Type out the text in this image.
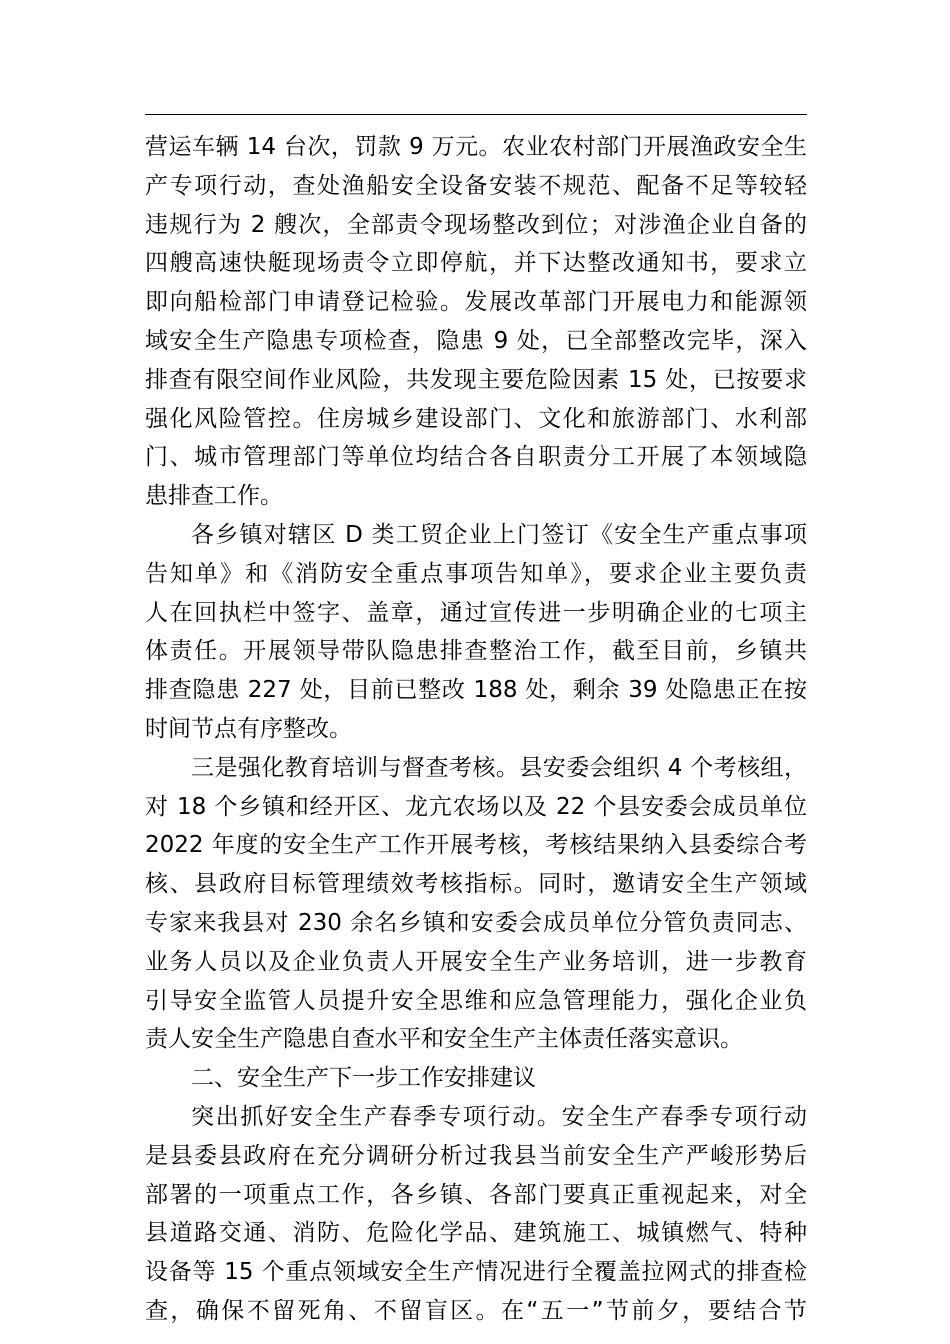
营运车辆 14 台次，罚款 9 万元。农业农村部门开展渔政安全生
产专项行动，查处渔船安全设备安装不规范、配备不足等较轻
违规行为 2 艘次，全部责令现场整改到位；对涉渔企业自备的
四艘高速快艇现场责令立即停航，并下达整改通知书，要求立
即向船检部门申请登记检验。发展改革部门开展电力和能源领
域安全生产隐患专项检查，隐患 9 处，已全部整改完毕，深入
排查有限空间作业风险，共发现主要危险因素 15 处，已按要求
强化风险管控。住房城乡建设部门、文化和旅游部门、水利部
门、城市管理部门等单位均结合各自职责分工开展了本领域隐
患排查工作。
各乡镇对辖区 D 类工贸企业上门签订《安全生产重点事项
告知单》和《消防安全重点事项告知单》，要求企业主要负责
人在回执栏中签字、盖章，通过宣传进一步明确企业的七项主
体责任。开展领导带队隐患排查整治工作，截至目前，乡镇共
排查隐患 227 处，目前已整改 188 处，剩余 39 处隐患正在按
时间节点有序整改。
三是强化教育培训与督查考核。县安委会组织 4 个考核组，
对 18 个乡镇和经开区、龙亢农场以及 22 个县安委会成员单位
2022 年度的安全生产工作开展考核，考核结果纳入县委综合考
核、县政府目标管理绩效考核指标。同时，邀请安全生产领域
专家来我县对 230 余名乡镇和安委会成员单位分管负责同志、
业务人员以及企业负责人开展安全生产业务培训，进一步教育
引导安全监管人员提升安全思维和应急管理能力，强化企业负
责人安全生产隐患自查水平和安全生产主体责任落实意识。
二、安全生产下一步工作安排建议
突出抓好安全生产春季专项行动。安全生产春季专项行动
是县委县政府在充分调研分析过我县当前安全生产严峻形势后
部署的一项重点工作，各乡镇、各部门要真正重视起来，对全
县道路交通、消防、危险化学品、建筑施工、城镇燃气、特种
设备等 15 个重点领域安全生产情况进行全覆盖拉网式的排查检
查，确保不留死角、不留盲区。在“五一”节前夕，要结合节
